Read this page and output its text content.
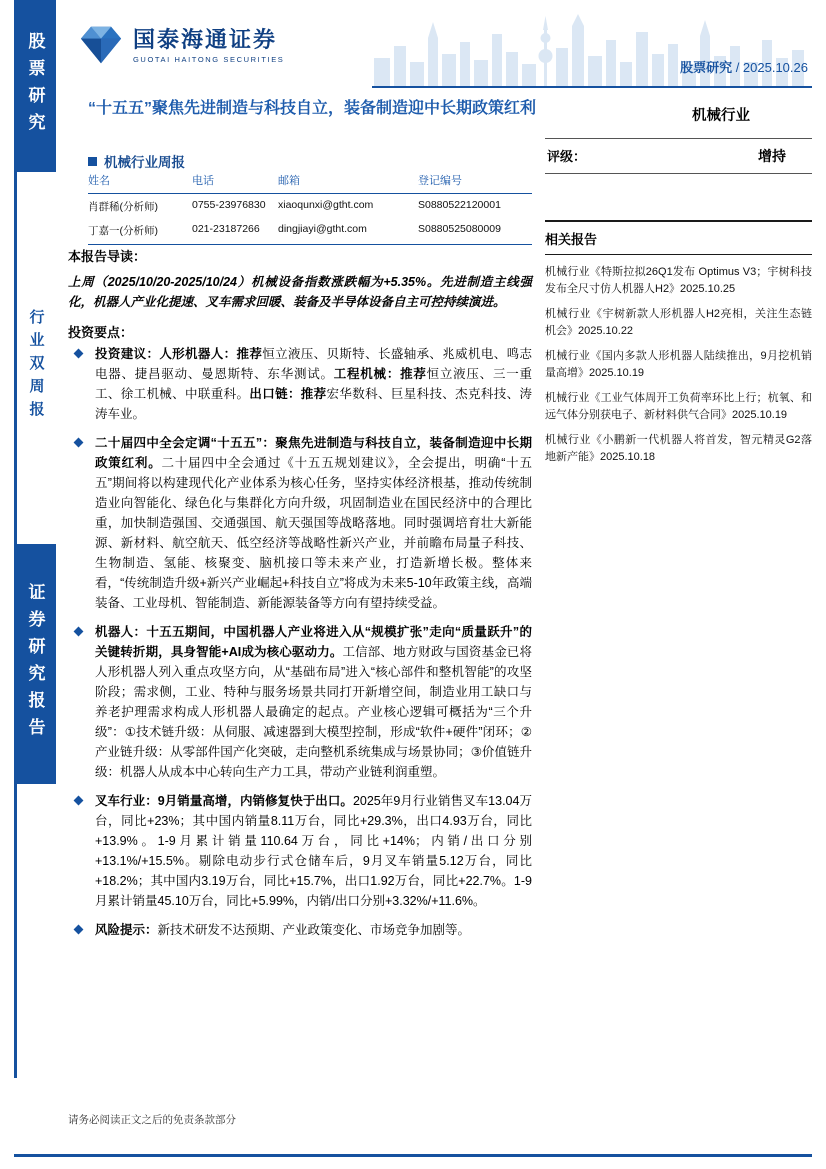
股票研究
行业双周报
证券研究报告
国泰海通证券
GUOTAI HAITONG SECURITIES
股票研究 / 2025.10.26
“十五五”聚焦先进制造与科技自立，装备制造迎中长期政策红利
机械行业周报
姓名	电话	邮箱	登记编号
肖群稀(分析师)	0755-23976830	xiaoqunxi@gtht.com	S0880522120001
丁嘉一(分析师)	021-23187266	dingjiayi@gtht.com	S0880525080009
本报告导读：
上周（2025/10/20-2025/10/24）机械设备指数涨跌幅为+5.35%。先进制造主线强化，机器人产业化提速、叉车需求回暖、装备及半导体设备自主可控持续演进。
投资要点：
投资建议：人形机器人：推荐恒立液压、贝斯特、长盛轴承、兆威机电、鸣志电器、捷昌驱动、曼恩斯特、东华测试。工程机械：推荐恒立液压、三一重工、徐工机械、中联重科。出口链：推荐宏华数科、巨星科技、杰克科技、涛涛车业。
二十届四中全会定调“十五五”：聚焦先进制造与科技自立，装备制造迎中长期政策红利。二十届四中全会通过《十五五规划建议》，全会提出，明确“十五五”期间将以构建现代化产业体系为核心任务，坚持实体经济根基，推动传统制造业向智能化、绿色化与集群化方向升级，巩固制造业在国民经济中的合理比重，加快制造强国、交通强国、航天强国等战略落地。同时强调培育壮大新能源、新材料、航空航天、低空经济等战略性新兴产业，并前瞻布局量子科技、生物制造、氢能、核聚变、脑机接口等未来产业，打造新增长极。整体来看，“传统制造升级+新兴产业崛起+科技自立”将成为未来5-10年政策主线，高端装备、工业母机、智能制造、新能源装备等方向有望持续受益。
机器人：十五五期间，中国机器人产业将进入从“规模扩张”走向“质量跃升”的关键转折期，具身智能+AI成为核心驱动力。工信部、地方财政与国资基金已将人形机器人列入重点攻坚方向，从“基础布局”进入“核心部件和整机智能”的攻坚阶段；需求侧，工业、特种与服务场景共同打开新增空间，制造业用工缺口与养老护理需求构成人形机器人最确定的起点。产业核心逻辑可概括为“三个升级”：①技术链升级：从伺服、减速器到大模型控制，形成“软件+硬件”闭环；②产业链升级：从零部件国产化突破，走向整机系统集成与场景协同；③价值链升级：机器人从成本中心转向生产力工具，带动产业链利润重塑。
叉车行业：9月销量高增，内销修复快于出口。2025年9月行业销售叉车13.04万台，同比+23%；其中国内销量8.11万台，同比+29.3%，出口4.93万台，同比+13.9%。1-9月累计销量110.64万台，同比+14%；内销/出口分别+13.1%/+15.5%。剔除电动步行式仓储车后，9月叉车销量5.12万台，同比+18.2%；其中国内3.19万台，同比+15.7%，出口1.92万台，同比+22.7%。1-9月累计销量45.10万台，同比+5.99%，内销/出口分别+3.32%/+11.6%。
风险提示：新技术研发不达预期、产业政策变化、市场竞争加剧等。
机械行业
评级：	增持
相关报告
机械行业《特斯拉拟26Q1发布 Optimus V3；宇树科技发布全尺寸仿人机器人H2》2025.10.25
机械行业《宇树新款人形机器人H2亮相，关注生态链机会》2025.10.22
机械行业《国内多款人形机器人陆续推出，9月挖机销量高增》2025.10.19
机械行业《工业气体周开工负荷率环比上行；杭氧、和远气体分别获电子、新材料供气合同》2025.10.19
机械行业《小鹏新一代机器人将首发，智元精灵G2落地新产能》2025.10.18
请务必阅读正文之后的免责条款部分
